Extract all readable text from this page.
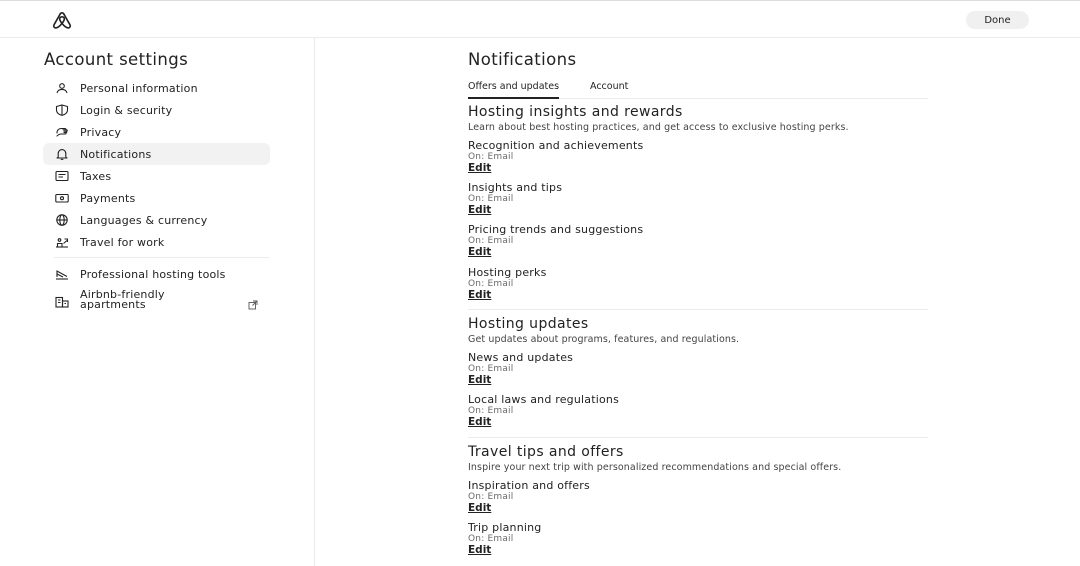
Done
Account settings
Personal information
Login & security
Privacy
Notifications
Taxes
Payments
Languages & currency
Travel for work
Professional hosting tools
Airbnb-friendly
apartments
Notifications
Offers and updates	Account
Hosting insights and rewards
Learn about best hosting practices, and get access to exclusive hosting perks.
Recognition and achievements
On: Email
Edit
Insights and tips
On: Email
Edit
Pricing trends and suggestions
On: Email
Edit
Hosting perks
On: Email
Edit
Hosting updates
Get updates about programs, features, and regulations.
News and updates
On: Email
Edit
Local laws and regulations
On: Email
Edit
Travel tips and offers
Inspire your next trip with personalized recommendations and special offers.
Inspiration and offers
On: Email
Edit
Trip planning
On: Email
Edit
